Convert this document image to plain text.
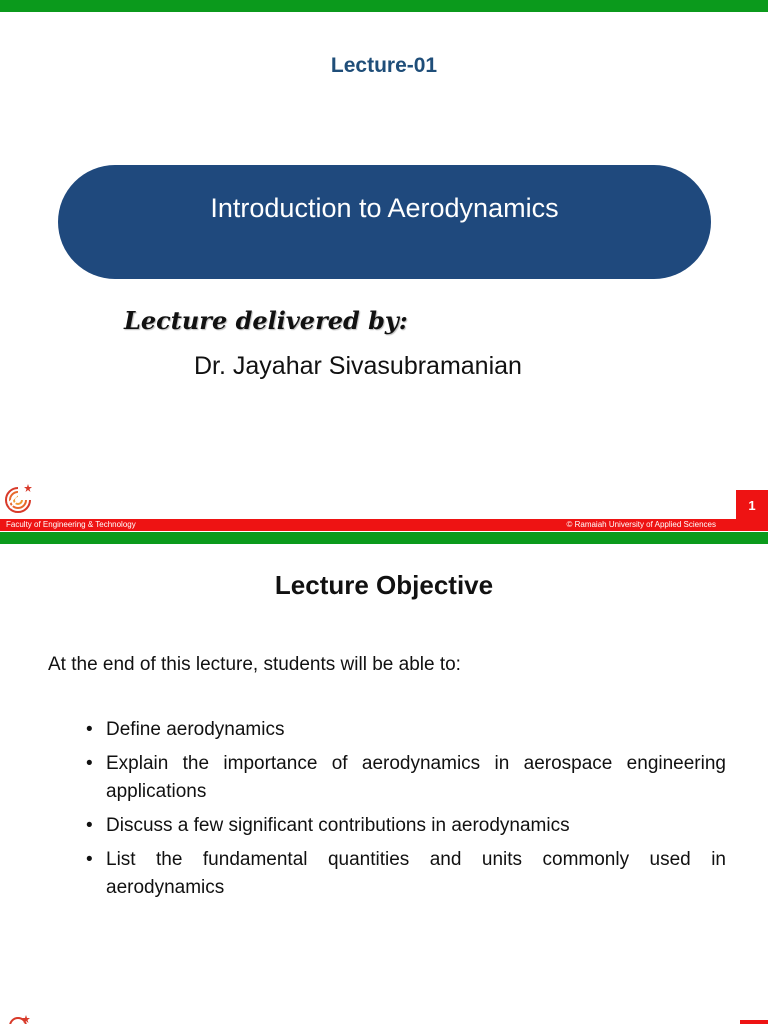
Lecture-01
Introduction to Aerodynamics
Lecture delivered by:
Dr. Jayahar Sivasubramanian
1
Faculty of Engineering & Technology	© Ramaiah University of Applied Sciences
Lecture Objective
At the end of this lecture, students will be able to:
• Define aerodynamics
• Explain the importance of aerodynamics in aerospace engineering applications
• Discuss a few significant contributions in aerodynamics
• List the fundamental quantities and units commonly used in aerodynamics
